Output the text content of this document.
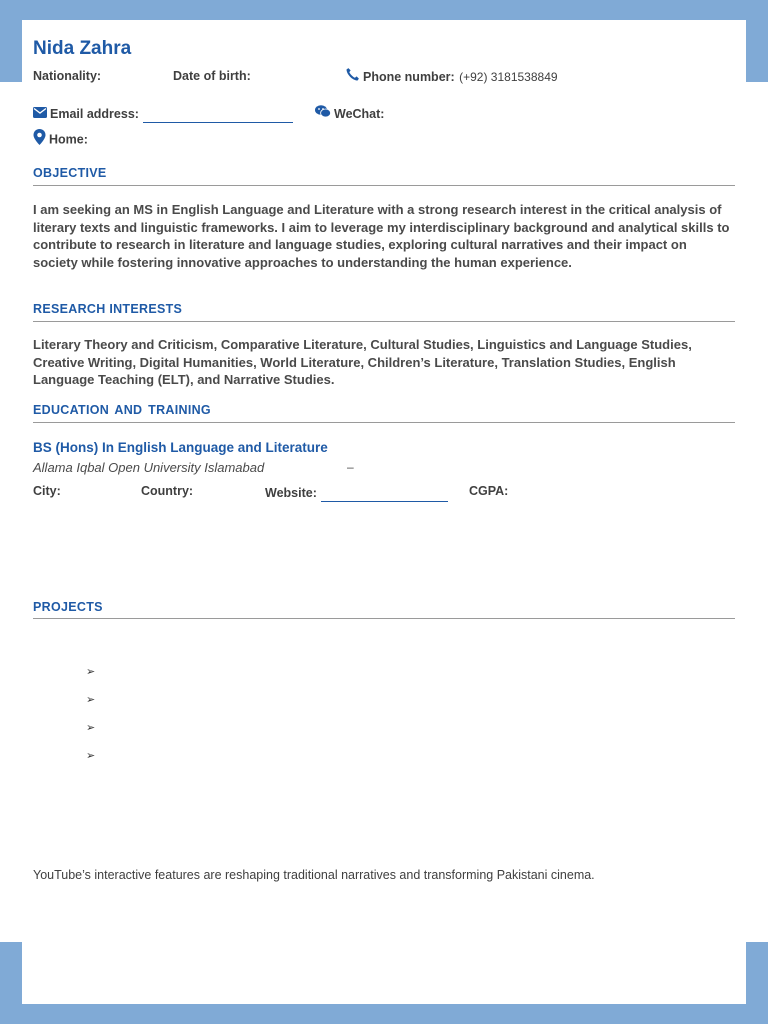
Nida Zahra
Nationality:	Date of birth:	Phone number: (+92) 3181538849
Email address:	WeChat:
Home:
OBJECTIVE
I am seeking an MS in English Language and Literature with a strong research interest in the critical analysis of literary texts and linguistic frameworks. I aim to leverage my interdisciplinary background and analytical skills to contribute to research in literature and language studies, exploring cultural narratives and their impact on society while fostering innovative approaches to understanding the human experience.
RESEARCH INTERESTS
Literary Theory and Criticism, Comparative Literature, Cultural Studies, Linguistics and Language Studies, Creative Writing, Digital Humanities, World Literature, Children’s Literature, Translation Studies, English Language Teaching (ELT), and Narrative Studies.
EDUCATION AND TRAINING
BS (Hons) In English Language and Literature
Allama Iqbal Open University Islamabad	–
City:	Country:	Website:	CGPA:
PROJECTS
➢
➢
➢
➢
YouTube’s interactive features are reshaping traditional narratives and transforming Pakistani cinema.
